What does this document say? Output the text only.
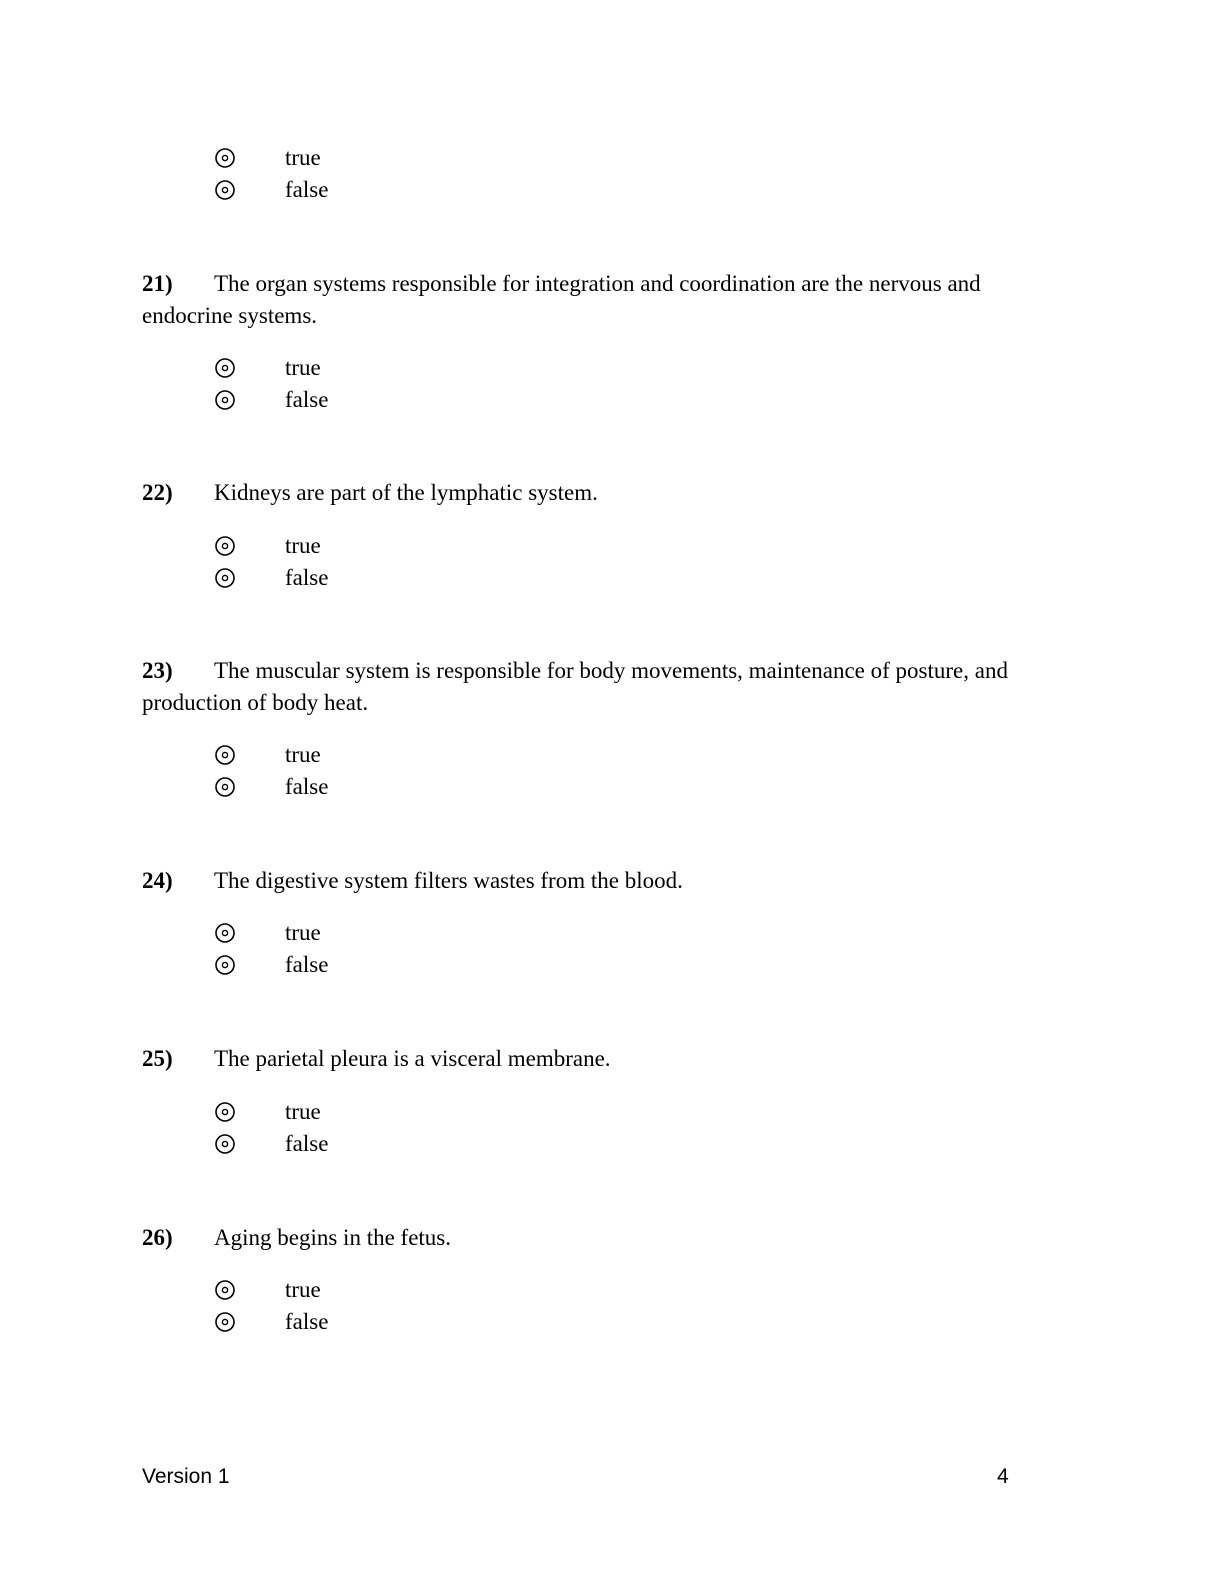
true
false
21) The organ systems responsible for integration and coordination are the nervous and endocrine systems.
true
false
22) Kidneys are part of the lymphatic system.
true
false
23) The muscular system is responsible for body movements, maintenance of posture, and production of body heat.
true
false
24) The digestive system filters wastes from the blood.
true
false
25) The parietal pleura is a visceral membrane.
true
false
26) Aging begins in the fetus.
true
false
Version 1	4
